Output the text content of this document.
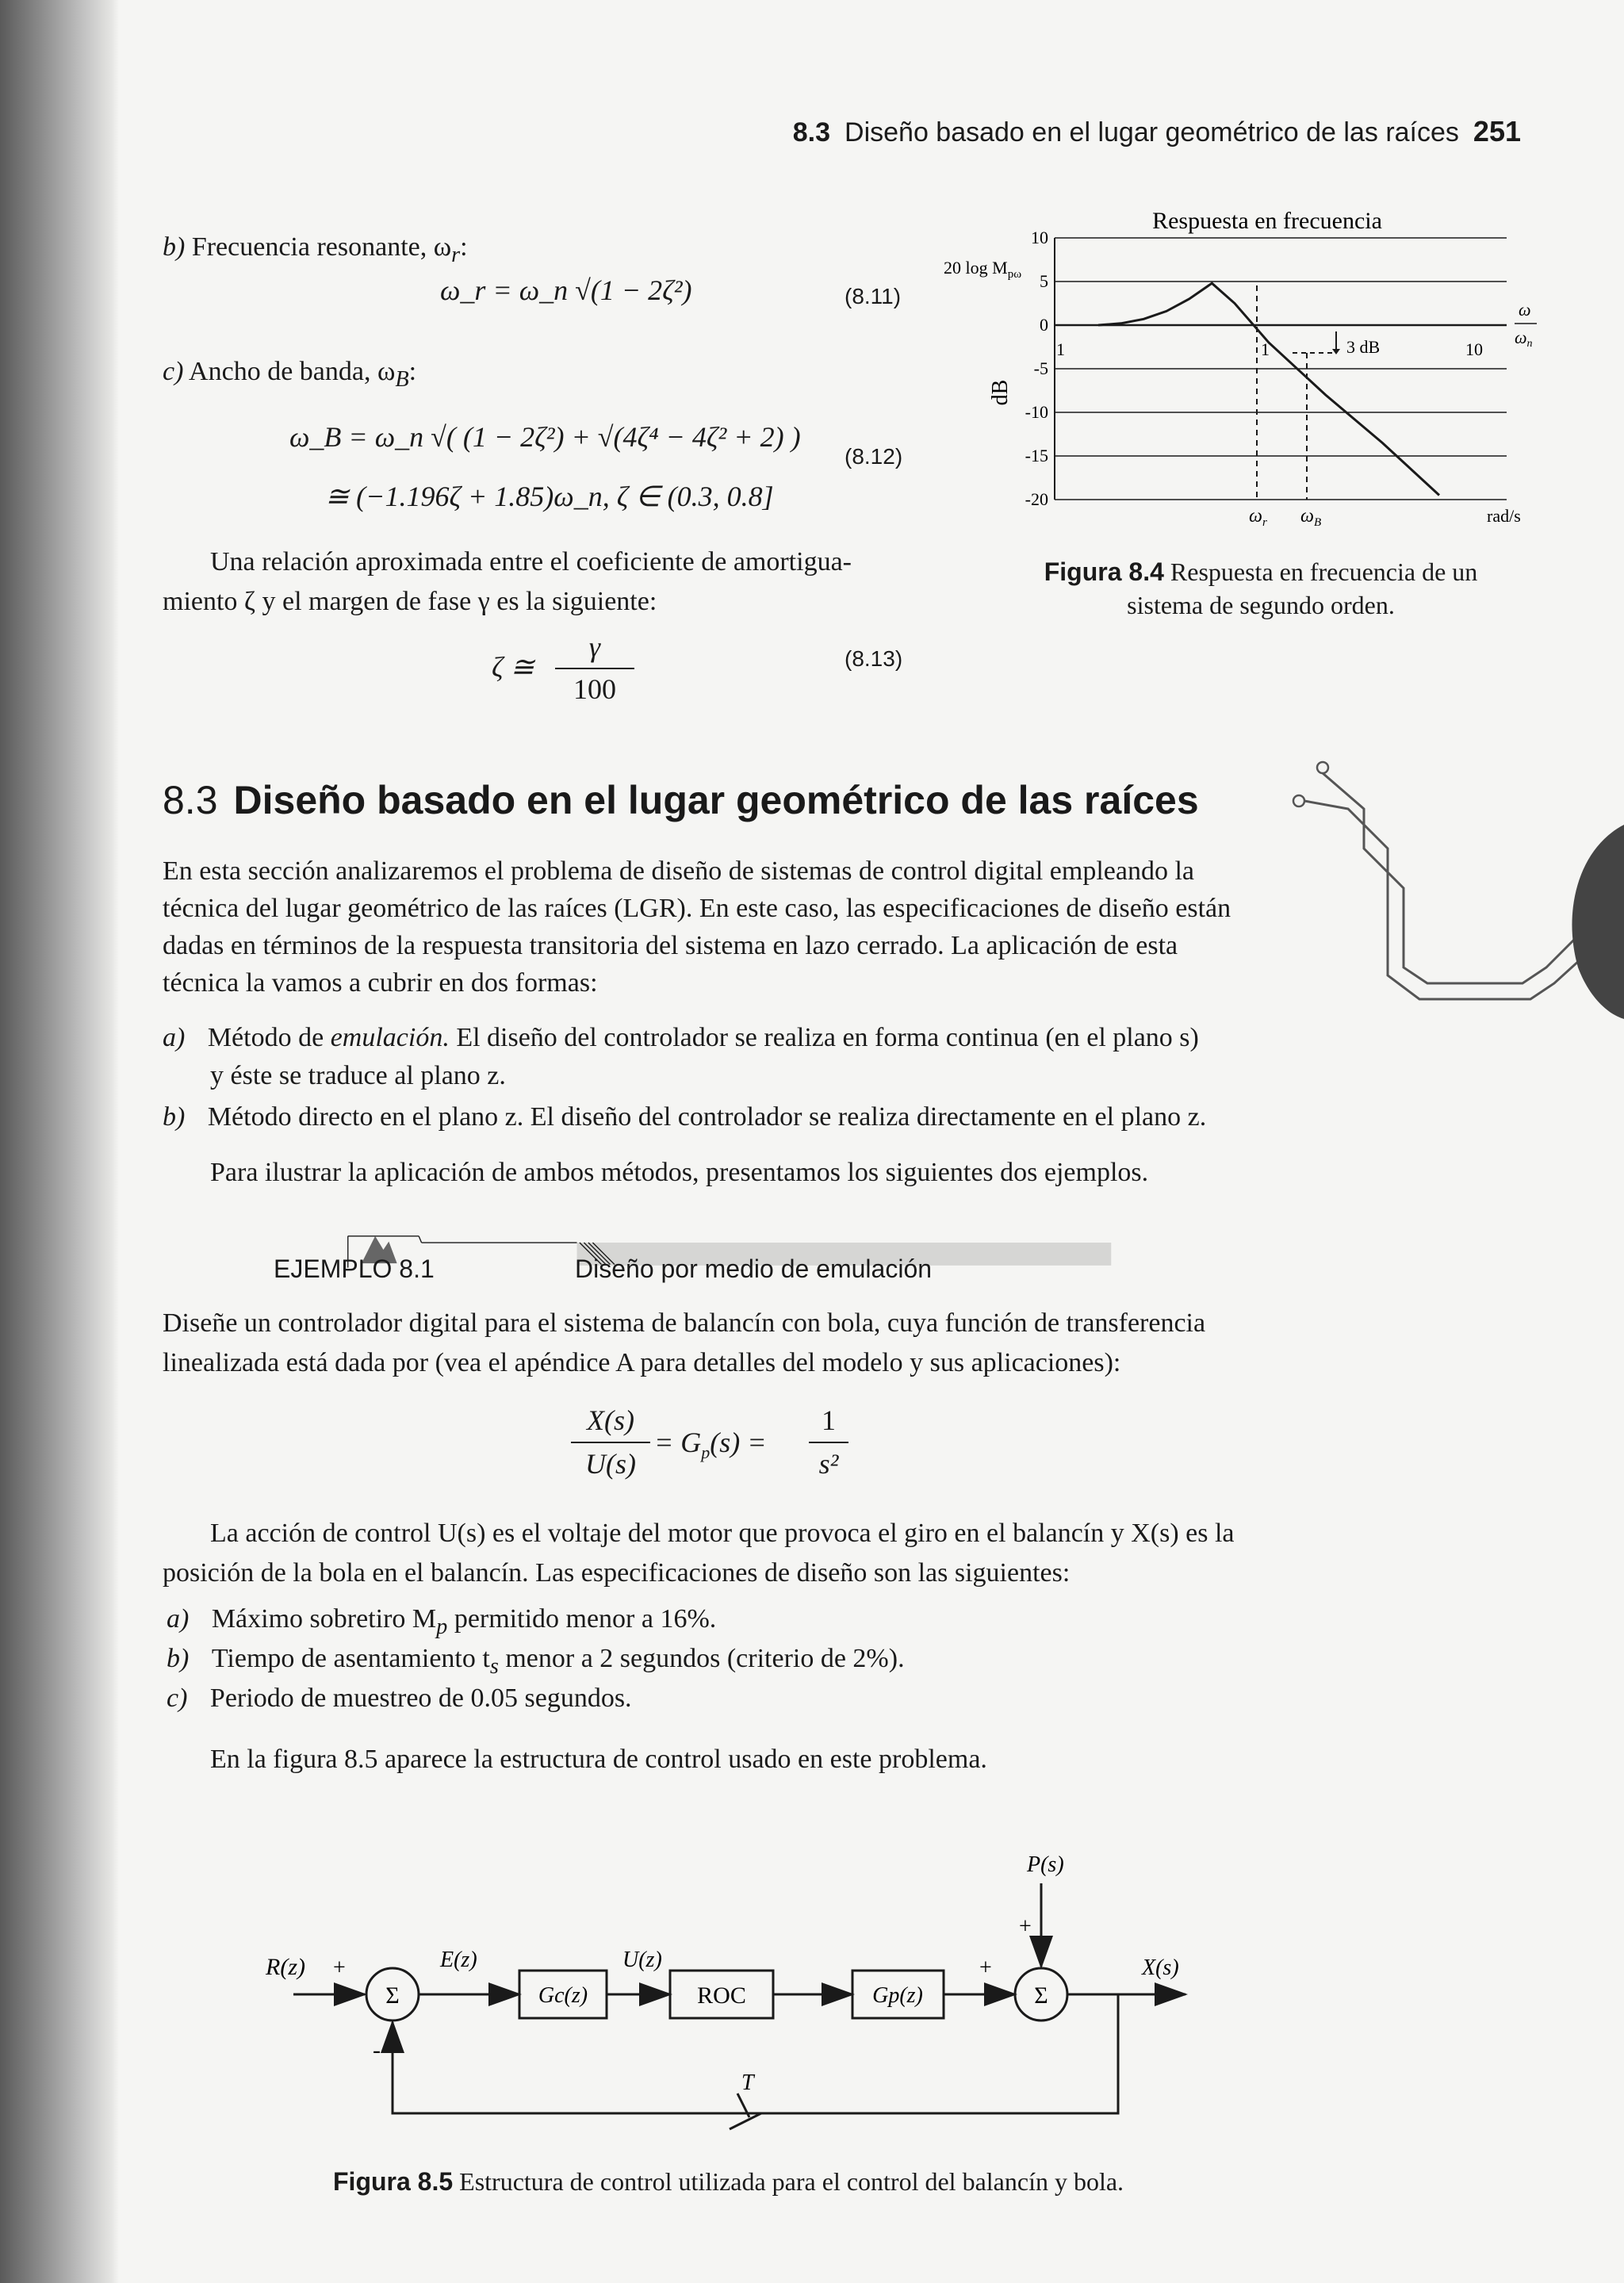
8.3 Diseño basado en el lugar geométrico de las raíces 251
b) Frecuencia resonante, $\omega_r$:
ω_r = ω_n √(1 − 2ζ²)	(8.11)
c) Ancho de banda, $\omega_B$:
ω_B = ω_n √( (1 − 2ζ²) + √(4ζ⁴ − 4ζ² + 2) )
≅ (−1.196ζ + 1.85)ω_n, ζ ∈ (0.3, 0.8]
(8.12)
Una relación aproximada entre el coeficiente de amortigua-
miento ζ y el margen de fase γ es la siguiente:
ζ ≅
γ
100
(8.13)
Respuesta en frecuencia
20 $\log M_{p\omega}$
dB
10
5
0
-5
-10
-15
-20
3 dB
1	1	10
$\omega_r$ $\omega_B$	rad/s
ω
ωn
Figura 8.4 Respuesta en frecuencia de un
sistema de segundo orden.
8.3 Diseño basado en el lugar geométrico de las raíces
En esta sección analizaremos el problema de diseño de sistemas de control digital empleando la
técnica del lugar geométrico de las raíces (LGR). En este caso, las especificaciones de diseño están
dadas en términos de la respuesta transitoria del sistema en lazo cerrado. La aplicación de esta
técnica la vamos a cubrir en dos formas:
a) Método de emulación. El diseño del controlador se realiza en forma continua (en el plano s)
y éste se traduce al plano z.
b) Método directo en el plano z. El diseño del controlador se realiza directamente en el plano z.
Para ilustrar la aplicación de ambos métodos, presentamos los siguientes dos ejemplos.
EJEMPLO 8.1	Diseño por medio de emulación
Diseñe un controlador digital para el sistema de balancín con bola, cuya función de transferencia
linealizada está dada por (vea el apéndice A para detalles del modelo y sus aplicaciones):
X(s)
U(s)
= $G_p(s)$ =
1
s²
La acción de control U(s) es el voltaje del motor que provoca el giro en el balancín y X(s) es la
posición de la bola en el balancín. Las especificaciones de diseño son las siguientes:
a) Máximo sobretiro $M_p$ permitido menor a 16%.
b) Tiempo de asentamiento $t_s$ menor a 2 segundos (criterio de 2%).
c) Periodo de muestreo de 0.05 segundos.
En la figura 8.5 aparece la estructura de control usado en este problema.
R(z) +
Σ
-
E(z)
Gc(z)
U(z)
ROC	Gp(z)
+
Σ
P(s)
+
X(s)
T
Figura 8.5 Estructura de control utilizada para el control del balancín y bola.
